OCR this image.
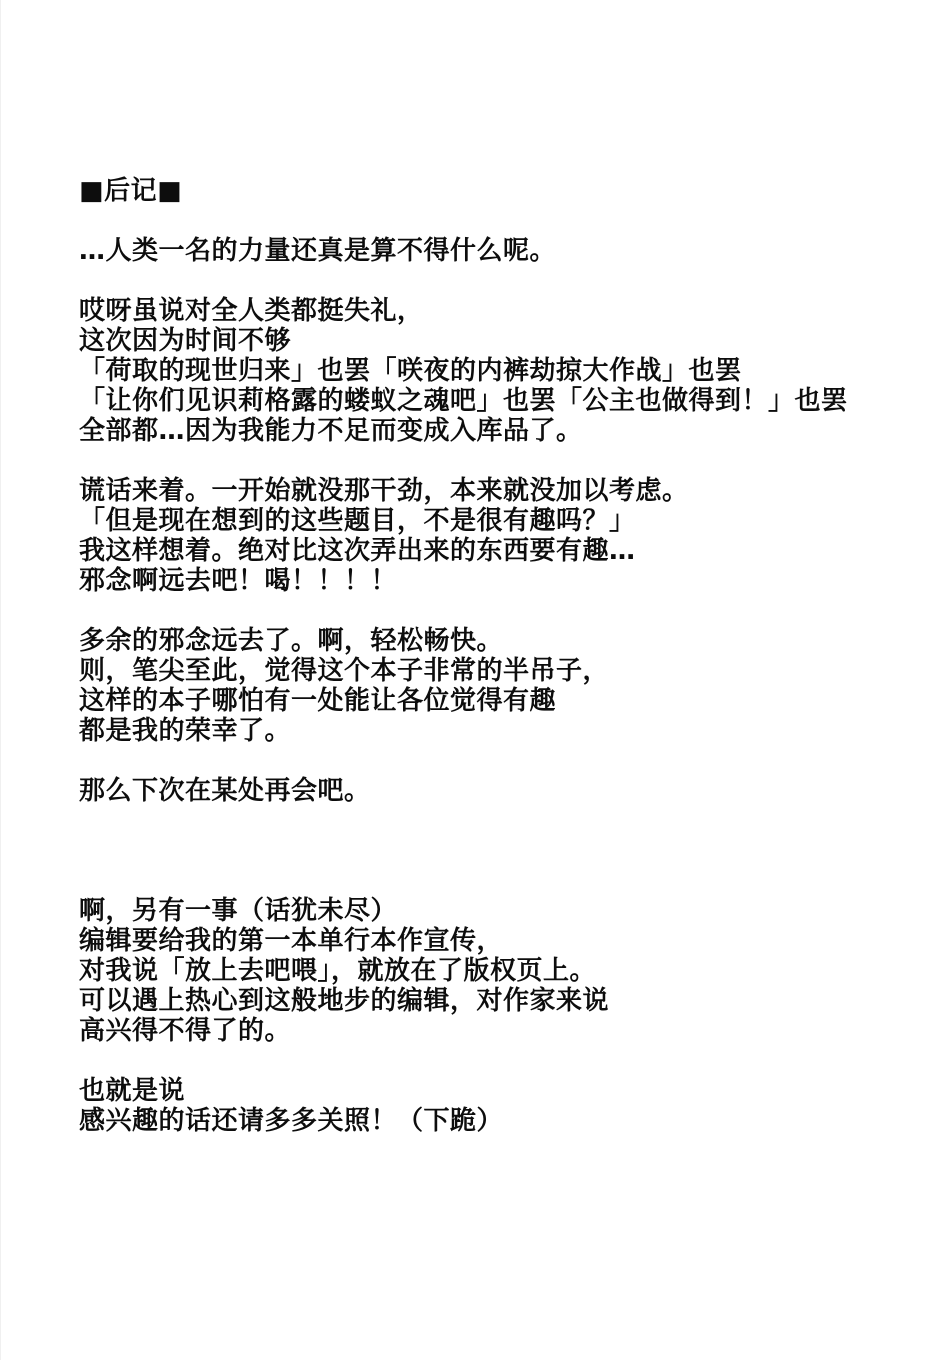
■后记■
…人类一名的力量还真是算不得什么呢。
哎呀虽说对全人类都挺失礼，
这次因为时间不够
「荷取的现世归来」也罢「咲夜的内裤劫掠大作战」也罢
「让你们见识莉格露的蝼蚁之魂吧」也罢「公主也做得到！」也罢
全部都…因为我能力不足而变成入库品了。
谎话来着。一开始就没那干劲，本来就没加以考虑。
「但是现在想到的这些题目，不是很有趣吗？」
我这样想着。绝对比这次弄出来的东西要有趣…
邪念啊远去吧！喝！！！！
多余的邪念远去了。啊，轻松畅快。
则，笔尖至此，觉得这个本子非常的半吊子，
这样的本子哪怕有一处能让各位觉得有趣
都是我的荣幸了。
那么下次在某处再会吧。
啊，另有一事（话犹未尽）
编辑要给我的第一本单行本作宣传，
对我说「放上去吧喂」，就放在了版权页上。
可以遇上热心到这般地步的编辑，对作家来说
高兴得不得了的。
也就是说
感兴趣的话还请多多关照！（下跪）
